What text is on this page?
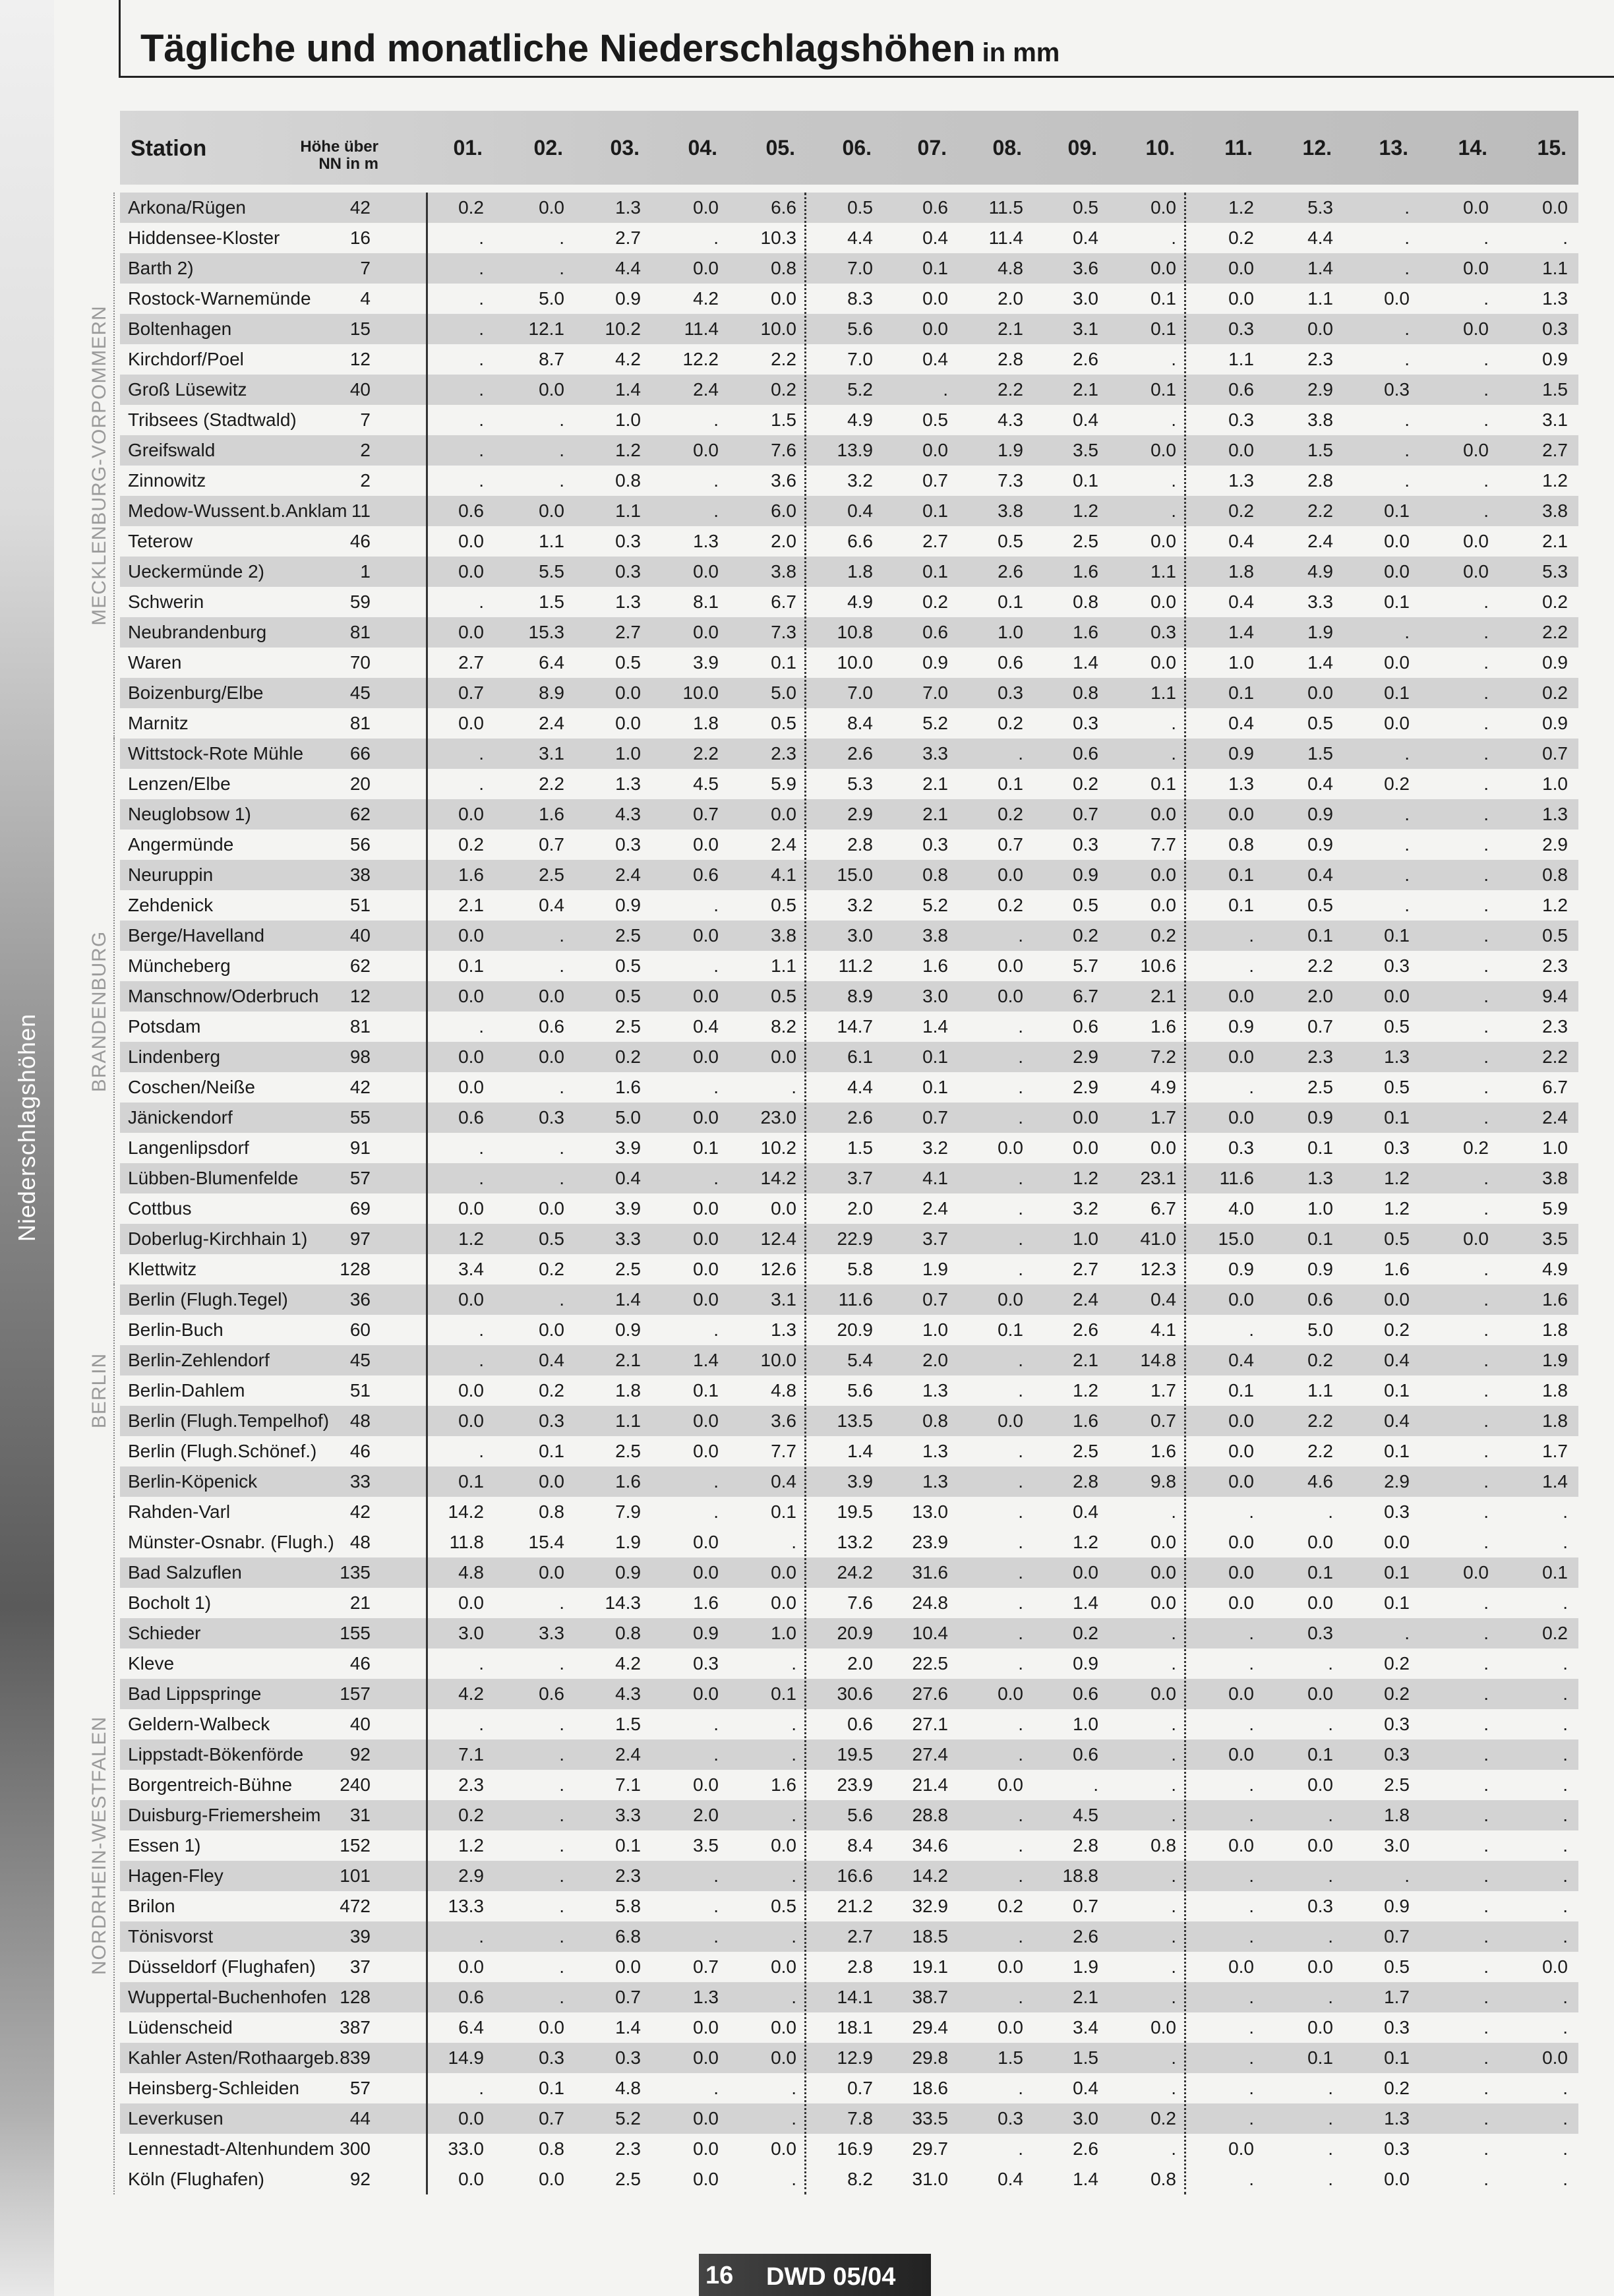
Niederschlagshöhen
Tägliche und monatliche Niederschlagshöhen in mm
Station	Höhe über NN in m
01.	02.	03.	04.	05.	06.	07.	08.	09.	10.	11.	12.	13.	14.	15.
Arkona/Rügen	42	0.2	0.0	1.3	0.0	6.6	0.5	0.6	11.5	0.5	0.0	1.2	5.3	.	0.0	0.0
Hiddensee-Kloster	16	.	.	2.7	.	10.3	4.4	0.4	11.4	0.4	.	0.2	4.4	.	.	.
Barth 2)	7	.	.	4.4	0.0	0.8	7.0	0.1	4.8	3.6	0.0	0.0	1.4	.	0.0	1.1
Rostock-Warnemünde	4	.	5.0	0.9	4.2	0.0	8.3	0.0	2.0	3.0	0.1	0.0	1.1	0.0	.	1.3
Boltenhagen	15	.	12.1	10.2	11.4	10.0	5.6	0.0	2.1	3.1	0.1	0.3	0.0	.	0.0	0.3
Kirchdorf/Poel	12	.	8.7	4.2	12.2	2.2	7.0	0.4	2.8	2.6	.	1.1	2.3	.	.	0.9
Groß Lüsewitz	40	.	0.0	1.4	2.4	0.2	5.2	.	2.2	2.1	0.1	0.6	2.9	0.3	.	1.5
Tribsees (Stadtwald)	7	.	.	1.0	.	1.5	4.9	0.5	4.3	0.4	.	0.3	3.8	.	.	3.1
Greifswald	2	.	.	1.2	0.0	7.6	13.9	0.0	1.9	3.5	0.0	0.0	1.5	.	0.0	2.7
Zinnowitz	2	.	.	0.8	.	3.6	3.2	0.7	7.3	0.1	.	1.3	2.8	.	.	1.2
Medow-Wussent.b.Anklam 11	0.6	0.0	1.1	.	6.0	0.4	0.1	3.8	1.2	.	0.2	2.2	0.1	.	3.8
Teterow	46	0.0	1.1	0.3	1.3	2.0	6.6	2.7	0.5	2.5	0.0	0.4	2.4	0.0	0.0	2.1
Ueckermünde 2)	1	0.0	5.5	0.3	0.0	3.8	1.8	0.1	2.6	1.6	1.1	1.8	4.9	0.0	0.0	5.3
Schwerin	59	.	1.5	1.3	8.1	6.7	4.9	0.2	0.1	0.8	0.0	0.4	3.3	0.1	.	0.2
Neubrandenburg	81	0.0	15.3	2.7	0.0	7.3	10.8	0.6	1.0	1.6	0.3	1.4	1.9	.	.	2.2
Waren	70	2.7	6.4	0.5	3.9	0.1	10.0	0.9	0.6	1.4	0.0	1.0	1.4	0.0	.	0.9
Boizenburg/Elbe	45	0.7	8.9	0.0	10.0	5.0	7.0	7.0	0.3	0.8	1.1	0.1	0.0	0.1	.	0.2
Marnitz	81	0.0	2.4	0.0	1.8	0.5	8.4	5.2	0.2	0.3	.	0.4	0.5	0.0	.	0.9
Wittstock-Rote Mühle	66	.	3.1	1.0	2.2	2.3	2.6	3.3	.	0.6	.	0.9	1.5	.	.	0.7
Lenzen/Elbe	20	.	2.2	1.3	4.5	5.9	5.3	2.1	0.1	0.2	0.1	1.3	0.4	0.2	.	1.0
Neuglobsow 1)	62	0.0	1.6	4.3	0.7	0.0	2.9	2.1	0.2	0.7	0.0	0.0	0.9	.	.	1.3
Angermünde	56	0.2	0.7	0.3	0.0	2.4	2.8	0.3	0.7	0.3	7.7	0.8	0.9	.	.	2.9
Neuruppin	38	1.6	2.5	2.4	0.6	4.1	15.0	0.8	0.0	0.9	0.0	0.1	0.4	.	.	0.8
Zehdenick	51	2.1	0.4	0.9	.	0.5	3.2	5.2	0.2	0.5	0.0	0.1	0.5	.	.	1.2
Berge/Havelland	40	0.0	.	2.5	0.0	3.8	3.0	3.8	.	0.2	0.2	.	0.1	0.1	.	0.5
Müncheberg	62	0.1	.	0.5	.	1.1	11.2	1.6	0.0	5.7	10.6	.	2.2	0.3	.	2.3
Manschnow/Oderbruch	12	0.0	0.0	0.5	0.0	0.5	8.9	3.0	0.0	6.7	2.1	0.0	2.0	0.0	.	9.4
Potsdam	81	.	0.6	2.5	0.4	8.2	14.7	1.4	.	0.6	1.6	0.9	0.7	0.5	.	2.3
Lindenberg	98	0.0	0.0	0.2	0.0	0.0	6.1	0.1	.	2.9	7.2	0.0	2.3	1.3	.	2.2
Coschen/Neiße	42	0.0	.	1.6	.	.	4.4	0.1	.	2.9	4.9	.	2.5	0.5	.	6.7
Jänickendorf	55	0.6	0.3	5.0	0.0	23.0	2.6	0.7	.	0.0	1.7	0.0	0.9	0.1	.	2.4
Langenlipsdorf	91	.	.	3.9	0.1	10.2	1.5	3.2	0.0	0.0	0.0	0.3	0.1	0.3	0.2	1.0
Lübben-Blumenfelde	57	.	.	0.4	.	14.2	3.7	4.1	.	1.2	23.1	11.6	1.3	1.2	.	3.8
Cottbus	69	0.0	0.0	3.9	0.0	0.0	2.0	2.4	.	3.2	6.7	4.0	1.0	1.2	.	5.9
Doberlug-Kirchhain 1)	97	1.2	0.5	3.3	0.0	12.4	22.9	3.7	.	1.0	41.0	15.0	0.1	0.5	0.0	3.5
Klettwitz	128	3.4	0.2	2.5	0.0	12.6	5.8	1.9	.	2.7	12.3	0.9	0.9	1.6	.	4.9
Berlin (Flugh.Tegel)	36	0.0	.	1.4	0.0	3.1	11.6	0.7	0.0	2.4	0.4	0.0	0.6	0.0	.	1.6
Berlin-Buch	60	.	0.0	0.9	.	1.3	20.9	1.0	0.1	2.6	4.1	.	5.0	0.2	.	1.8
Berlin-Zehlendorf	45	.	0.4	2.1	1.4	10.0	5.4	2.0	.	2.1	14.8	0.4	0.2	0.4	.	1.9
Berlin-Dahlem	51	0.0	0.2	1.8	0.1	4.8	5.6	1.3	.	1.2	1.7	0.1	1.1	0.1	.	1.8
Berlin (Flugh.Tempelhof)	48	0.0	0.3	1.1	0.0	3.6	13.5	0.8	0.0	1.6	0.7	0.0	2.2	0.4	.	1.8
Berlin (Flugh.Schönef.)	46	.	0.1	2.5	0.0	7.7	1.4	1.3	.	2.5	1.6	0.0	2.2	0.1	.	1.7
Berlin-Köpenick	33	0.1	0.0	1.6	.	0.4	3.9	1.3	.	2.8	9.8	0.0	4.6	2.9	.	1.4
Rahden-Varl	42	14.2	0.8	7.9	.	0.1	19.5	13.0	.	0.4	.	.	.	0.3	.	.
Münster-Osnabr. (Flugh.) 48	11.8	15.4	1.9	0.0	.	13.2	23.9	.	1.2	0.0	0.0	0.0	0.0	.	.
Bad Salzuflen	135	4.8	0.0	0.9	0.0	0.0	24.2	31.6	.	0.0	0.0	0.0	0.1	0.1	0.0	0.1
Bocholt 1)	21	0.0	.	14.3	1.6	0.0	7.6	24.8	.	1.4	0.0	0.0	0.0	0.1	.	.
Schieder	155	3.0	3.3	0.8	0.9	1.0	20.9	10.4	.	0.2	.	.	0.3	.	.	0.2
Kleve	46	.	.	4.2	0.3	.	2.0	22.5	.	0.9	.	.	.	0.2	.	.
Bad Lippspringe	157	4.2	0.6	4.3	0.0	0.1	30.6	27.6	0.0	0.6	0.0	0.0	0.0	0.2	.	.
Geldern-Walbeck	40	.	.	1.5	.	.	0.6	27.1	.	1.0	.	.	.	0.3	.	.
Lippstadt-Bökenförde	92	7.1	.	2.4	.	.	19.5	27.4	.	0.6	.	0.0	0.1	0.3	.	.
Borgentreich-Bühne	240	2.3	.	7.1	0.0	1.6	23.9	21.4	0.0	.	.	.	0.0	2.5	.	.
Duisburg-Friemersheim	31	0.2	.	3.3	2.0	.	5.6	28.8	.	4.5	.	.	.	1.8	.	.
Essen 1)	152	1.2	.	0.1	3.5	0.0	8.4	34.6	.	2.8	0.8	0.0	0.0	3.0	.	.
Hagen-Fley	101	2.9	.	2.3	.	.	16.6	14.2	.	18.8	.	.	.	.	.	.
Brilon	472	13.3	.	5.8	.	0.5	21.2	32.9	0.2	0.7	.	.	0.3	0.9	.	.
Tönisvorst	39	.	.	6.8	.	.	2.7	18.5	.	2.6	.	.	.	0.7	.	.
Düsseldorf (Flughafen)	37	0.0	.	0.0	0.7	0.0	2.8	19.1	0.0	1.9	.	0.0	0.0	0.5	.	0.0
Wuppertal-Buchenhofen 128	0.6	.	0.7	1.3	.	14.1	38.7	.	2.1	.	.	.	1.7	.	.
Lüdenscheid	387	6.4	0.0	1.4	0.0	0.0	18.1	29.4	0.0	3.4	0.0	.	0.0	0.3	.	.
Kahler Asten/Rothaargeb. 839	14.9	0.3	0.3	0.0	0.0	12.9	29.8	1.5	1.5	.	.	0.1	0.1	.	0.0
Heinsberg-Schleiden	57	.	0.1	4.8	.	.	0.7	18.6	.	0.4	.	.	.	0.2	.	.
Leverkusen	44	0.0	0.7	5.2	0.0	.	7.8	33.5	0.3	3.0	0.2	.	.	1.3	.	.
Lennestadt-Altenhundem 300	33.0	0.8	2.3	0.0	0.0	16.9	29.7	.	2.6	.	0.0	.	0.3	.	.
Köln (Flughafen)	92	0.0	0.0	2.5	0.0	.	8.2	31.0	0.4	1.4	0.8	.	.	0.0	.	.
MECKLENBURG-VORPOMMERN
BRANDENBURG
BERLIN
NORDRHEIN-WESTFALEN
16 DWD 05/04
